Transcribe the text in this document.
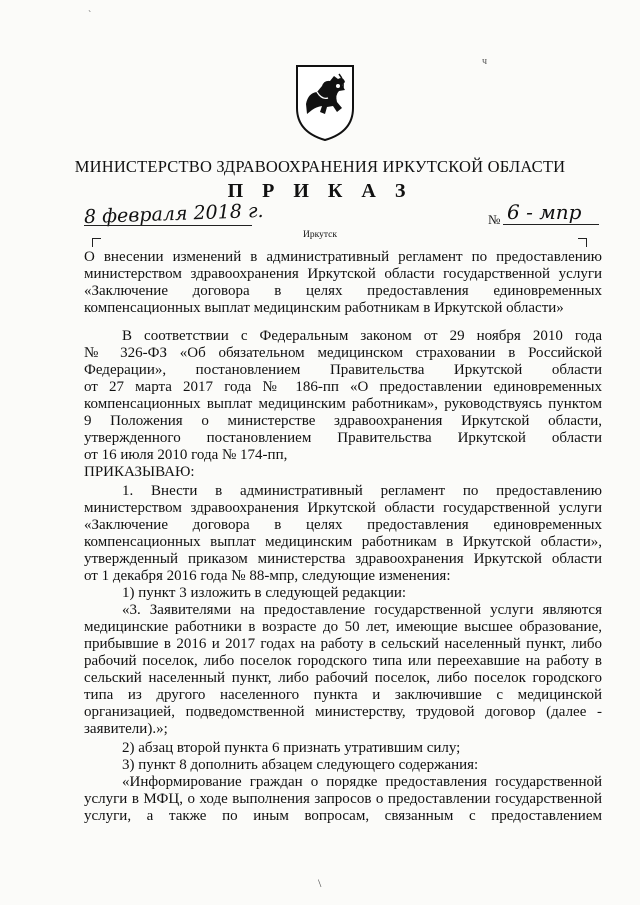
`
ч
МИНИСТЕРСТВО ЗДРАВООХРАНЕНИЯ ИРКУТСКОЙ ОБЛАСТИ
П Р И К А З
8 февраля 2018 г.	№ 6 - мпр
Иркутск
О внесении изменений в административный регламент по предоставлению
министерством здравоохранения Иркутской области государственной услуги
«Заключение договора в целях предоставления единовременных
компенсационных выплат медицинским работникам в Иркутской области»
В соответствии с Федеральным законом от 29 ноября 2010 года
№ 326-ФЗ «Об обязательном медицинском страховании в Российской
Федерации», постановлением Правительства Иркутской области
от 27 марта 2017 года № 186-пп «О предоставлении единовременных
компенсационных выплат медицинским работникам», руководствуясь пунктом
9 Положения о министерстве здравоохранения Иркутской области,
утвержденного постановлением Правительства Иркутской области
от 16 июля 2010 года № 174-пп,
ПРИКАЗЫВАЮ:
1. Внести в административный регламент по предоставлению
министерством здравоохранения Иркутской области государственной услуги
«Заключение договора в целях предоставления единовременных
компенсационных выплат медицинским работникам в Иркутской области»,
утвержденный приказом министерства здравоохранения Иркутской области
от 1 декабря 2016 года № 88-мпр, следующие изменения:
1) пункт 3 изложить в следующей редакции:
«3. Заявителями на предоставление государственной услуги являются
медицинские работники в возрасте до 50 лет, имеющие высшее образование,
прибывшие в 2016 и 2017 годах на работу в сельский населенный пункт, либо
рабочий поселок, либо поселок городского типа или переехавшие на работу в
сельский населенный пункт, либо рабочий поселок, либо поселок городского
типа из другого населенного пункта и заключившие с медицинской
организацией, подведомственной министерству, трудовой договор (далее -
заявители).»;
2) абзац второй пункта 6 признать утратившим силу;
3) пункт 8 дополнить абзацем следующего содержания:
«Информирование граждан о порядке предоставления государственной
услуги в МФЦ, о ходе выполнения запросов о предоставлении государственной
услуги, а также по иным вопросам, связанным с предоставлением
\
